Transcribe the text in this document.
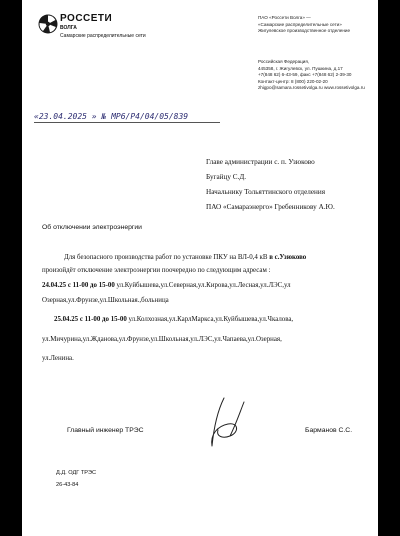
РОССЕТИ
ВОЛГА
Самарские распределительные сети
ПАО «Россети Волга» —
«Самарские распределительные сети»
Жигулевское производственное отделение
Российская Федерация,
445358, г. Жигулевск, ул. Пушкина, д.17
+7(848 62) 6-43-59, факс +7(848 62) 2-39-30
Контакт-центр: 8 (800) 220-02-20
zhigpo@samara.rossetivolga.ru www.rossetivolga.ru
«23.04.2025 » № МР6/Р4/04/05/839
Главе администрации с. п. Узюково
Бугайцу С.Д.
Начальнику Тольяттинского отделения
ПАО «Самараэнерго» Гребенникову А.Ю.
Об отключении электроэнергии
Для безопасного производства работ по установке ПКУ на ВЛ-0,4 кВ в с.Узюково
произойдёт отключение электроэнергии поочередно по следующим адресам :
24.04.25 с 11-00 до 15-00 ул.Куйбышева,ул.Северная,ул.Кирова,ул.Лесная,ул.ЛЭС,ул
Озерная,ул.Фрунзе,ул.Школьная.,больница
25.04.25 с 11-00 до 15-00 ул.Колхозная,ул.КарлМаркса,ул.Куйбышева,ул.Чкалова,
ул.Мичурина,ул.Жданова,ул.Фрунзе,ул.Школьная,ул.ЛЭС,ул.Чапаева,ул.Озерная,
ул.Ленина.
Главный инженер ТРЭС	Барманов С.С.
Д.Д. ОДГ ТРЭС
26-43-84
